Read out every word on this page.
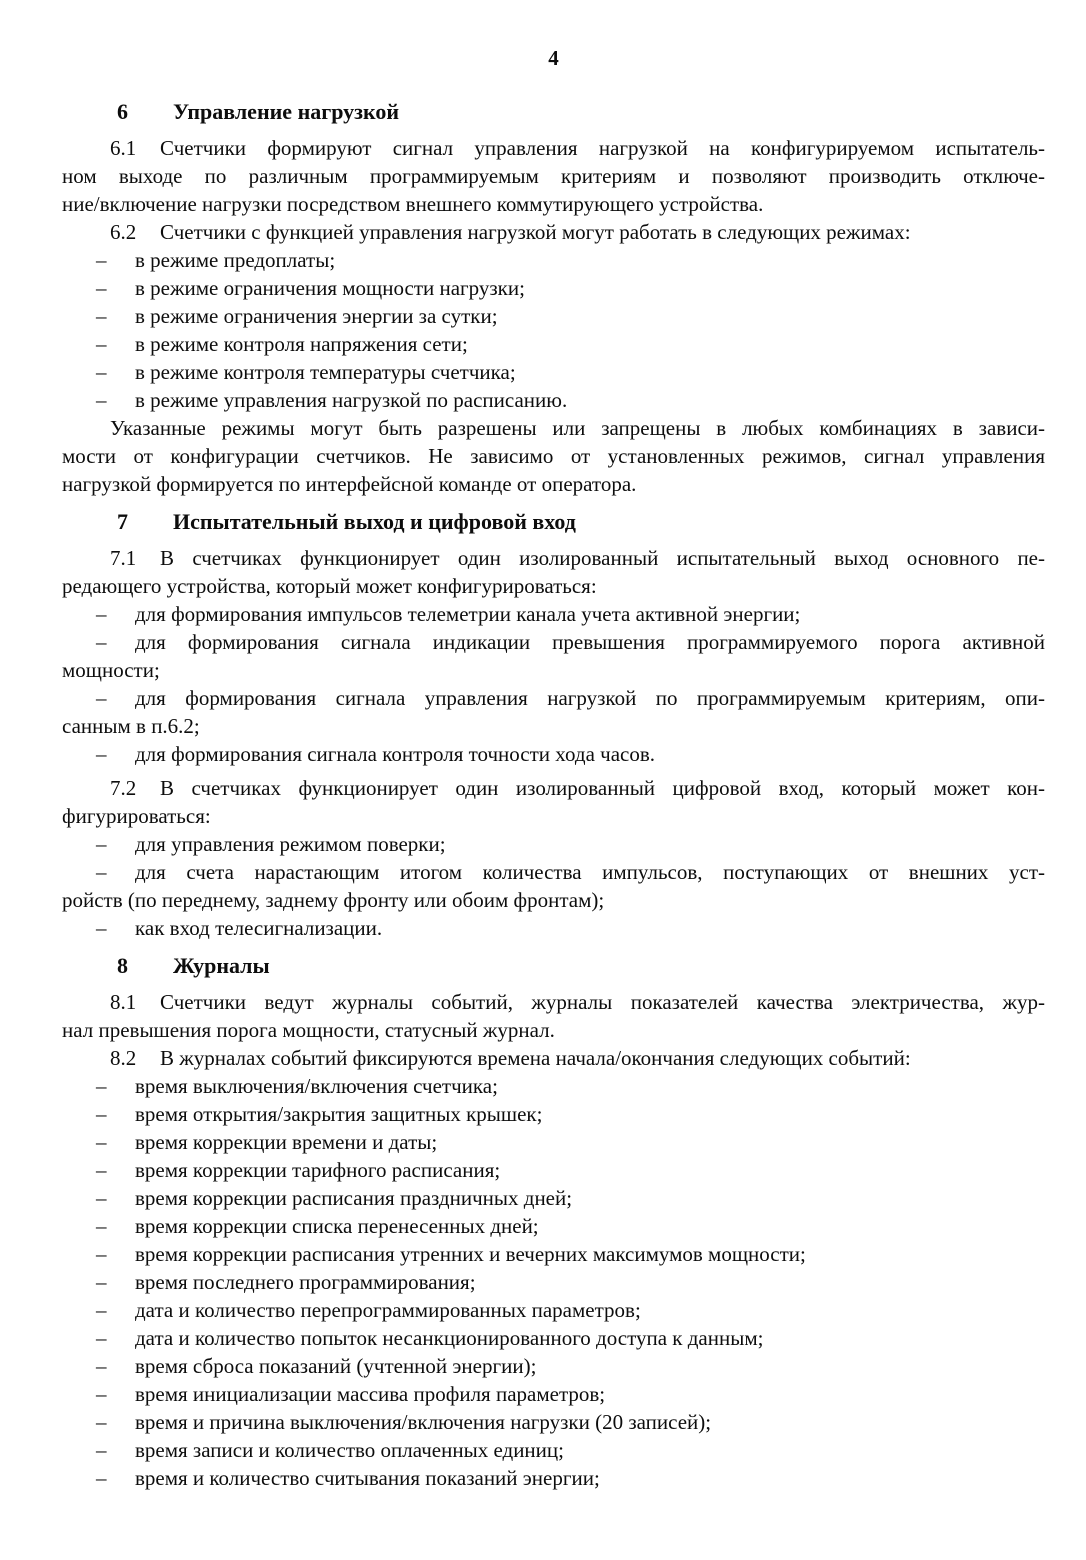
4
6 Управление нагрузкой
6.1 Счетчики формируют сигнал управления нагрузкой на конфигурируемом испытатель-
ном выходе по различным программируемым критериям и позволяют производить отключе-
ние/включение нагрузки посредством внешнего коммутирующего устройства.
6.2 Счетчики с функцией управления нагрузкой могут работать в следующих режимах:
– в режиме предоплаты;
– в режиме ограничения мощности нагрузки;
– в режиме ограничения энергии за сутки;
– в режиме контроля напряжения сети;
– в режиме контроля температуры счетчика;
– в режиме управления нагрузкой по расписанию.
Указанные режимы могут быть разрешены или запрещены в любых комбинациях в зависи-
мости от конфигурации счетчиков. Не зависимо от установленных режимов, сигнал управления
нагрузкой формируется по интерфейсной команде от оператора.
7 Испытательный выход и цифровой вход
7.1 В счетчиках функционирует один изолированный испытательный выход основного пе-
редающего устройства, который может конфигурироваться:
– для формирования импульсов телеметрии канала учета активной энергии;
– для формирования сигнала индикации превышения программируемого порога активной
мощности;
– для формирования сигнала управления нагрузкой по программируемым критериям, опи-
санным в п.6.2;
– для формирования сигнала контроля точности хода часов.
7.2 В счетчиках функционирует один изолированный цифровой вход, который может кон-
фигурироваться:
– для управления режимом поверки;
– для счета нарастающим итогом количества импульсов, поступающих от внешних уст-
ройств (по переднему, заднему фронту или обоим фронтам);
– как вход телесигнализации.
8 Журналы
8.1 Счетчики ведут журналы событий, журналы показателей качества электричества, жур-
нал превышения порога мощности, статусный журнал.
8.2 В журналах событий фиксируются времена начала/окончания следующих событий:
– время выключения/включения счетчика;
– время открытия/закрытия защитных крышек;
– время коррекции времени и даты;
– время коррекции тарифного расписания;
– время коррекции расписания праздничных дней;
– время коррекции списка перенесенных дней;
– время коррекции расписания утренних и вечерних максимумов мощности;
– время последнего программирования;
– дата и количество перепрограммированных параметров;
– дата и количество попыток несанкционированного доступа к данным;
– время сброса показаний (учтенной энергии);
– время инициализации массива профиля параметров;
– время и причина выключения/включения нагрузки (20 записей);
– время записи и количество оплаченных единиц;
– время и количество считывания показаний энергии;
